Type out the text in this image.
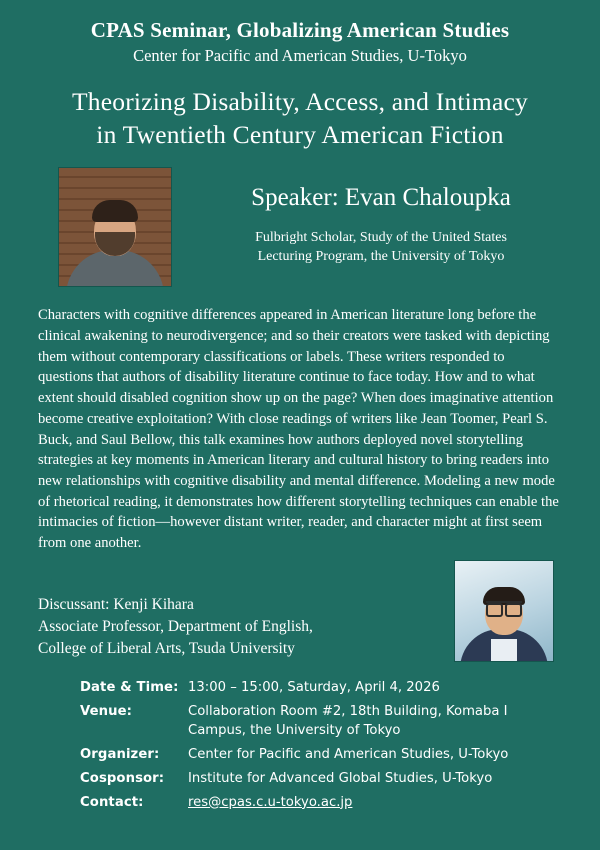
CPAS Seminar, Globalizing American Studies
Center for Pacific and American Studies, U-Tokyo
Theorizing Disability, Access, and Intimacy
in Twentieth Century American Fiction
Speaker: Evan Chaloupka
Fulbright Scholar, Study of the United States
Lecturing Program, the University of Tokyo
Characters with cognitive differences appeared in American literature long before the clinical awakening to neurodivergence; and so their creators were tasked with depicting them without contemporary classifications or labels. These writers responded to questions that authors of disability literature continue to face today. How and to what extent should disabled cognition show up on the page? When does imaginative attention become creative exploitation? With close readings of writers like Jean Toomer, Pearl S. Buck, and Saul Bellow, this talk examines how authors deployed novel storytelling strategies at key moments in American literary and cultural history to bring readers into new relationships with cognitive disability and mental difference. Modeling a new mode of rhetorical reading, it demonstrates how different storytelling techniques can enable the intimacies of fiction—however distant writer, reader, and character might at first seem from one another.
Discussant: Kenji Kihara
Associate Professor, Department of English,
College of Liberal Arts, Tsuda University
Date & Time: 13:00 – 15:00, Saturday, April 4, 2026
Venue:	Collaboration Room #2, 18th Building, Komaba I
Campus, the University of Tokyo
Organizer:	Center for Pacific and American Studies, U-Tokyo
Cosponsor:	Institute for Advanced Global Studies, U-Tokyo
Contact:	res@cpas.c.u-tokyo.ac.jp
